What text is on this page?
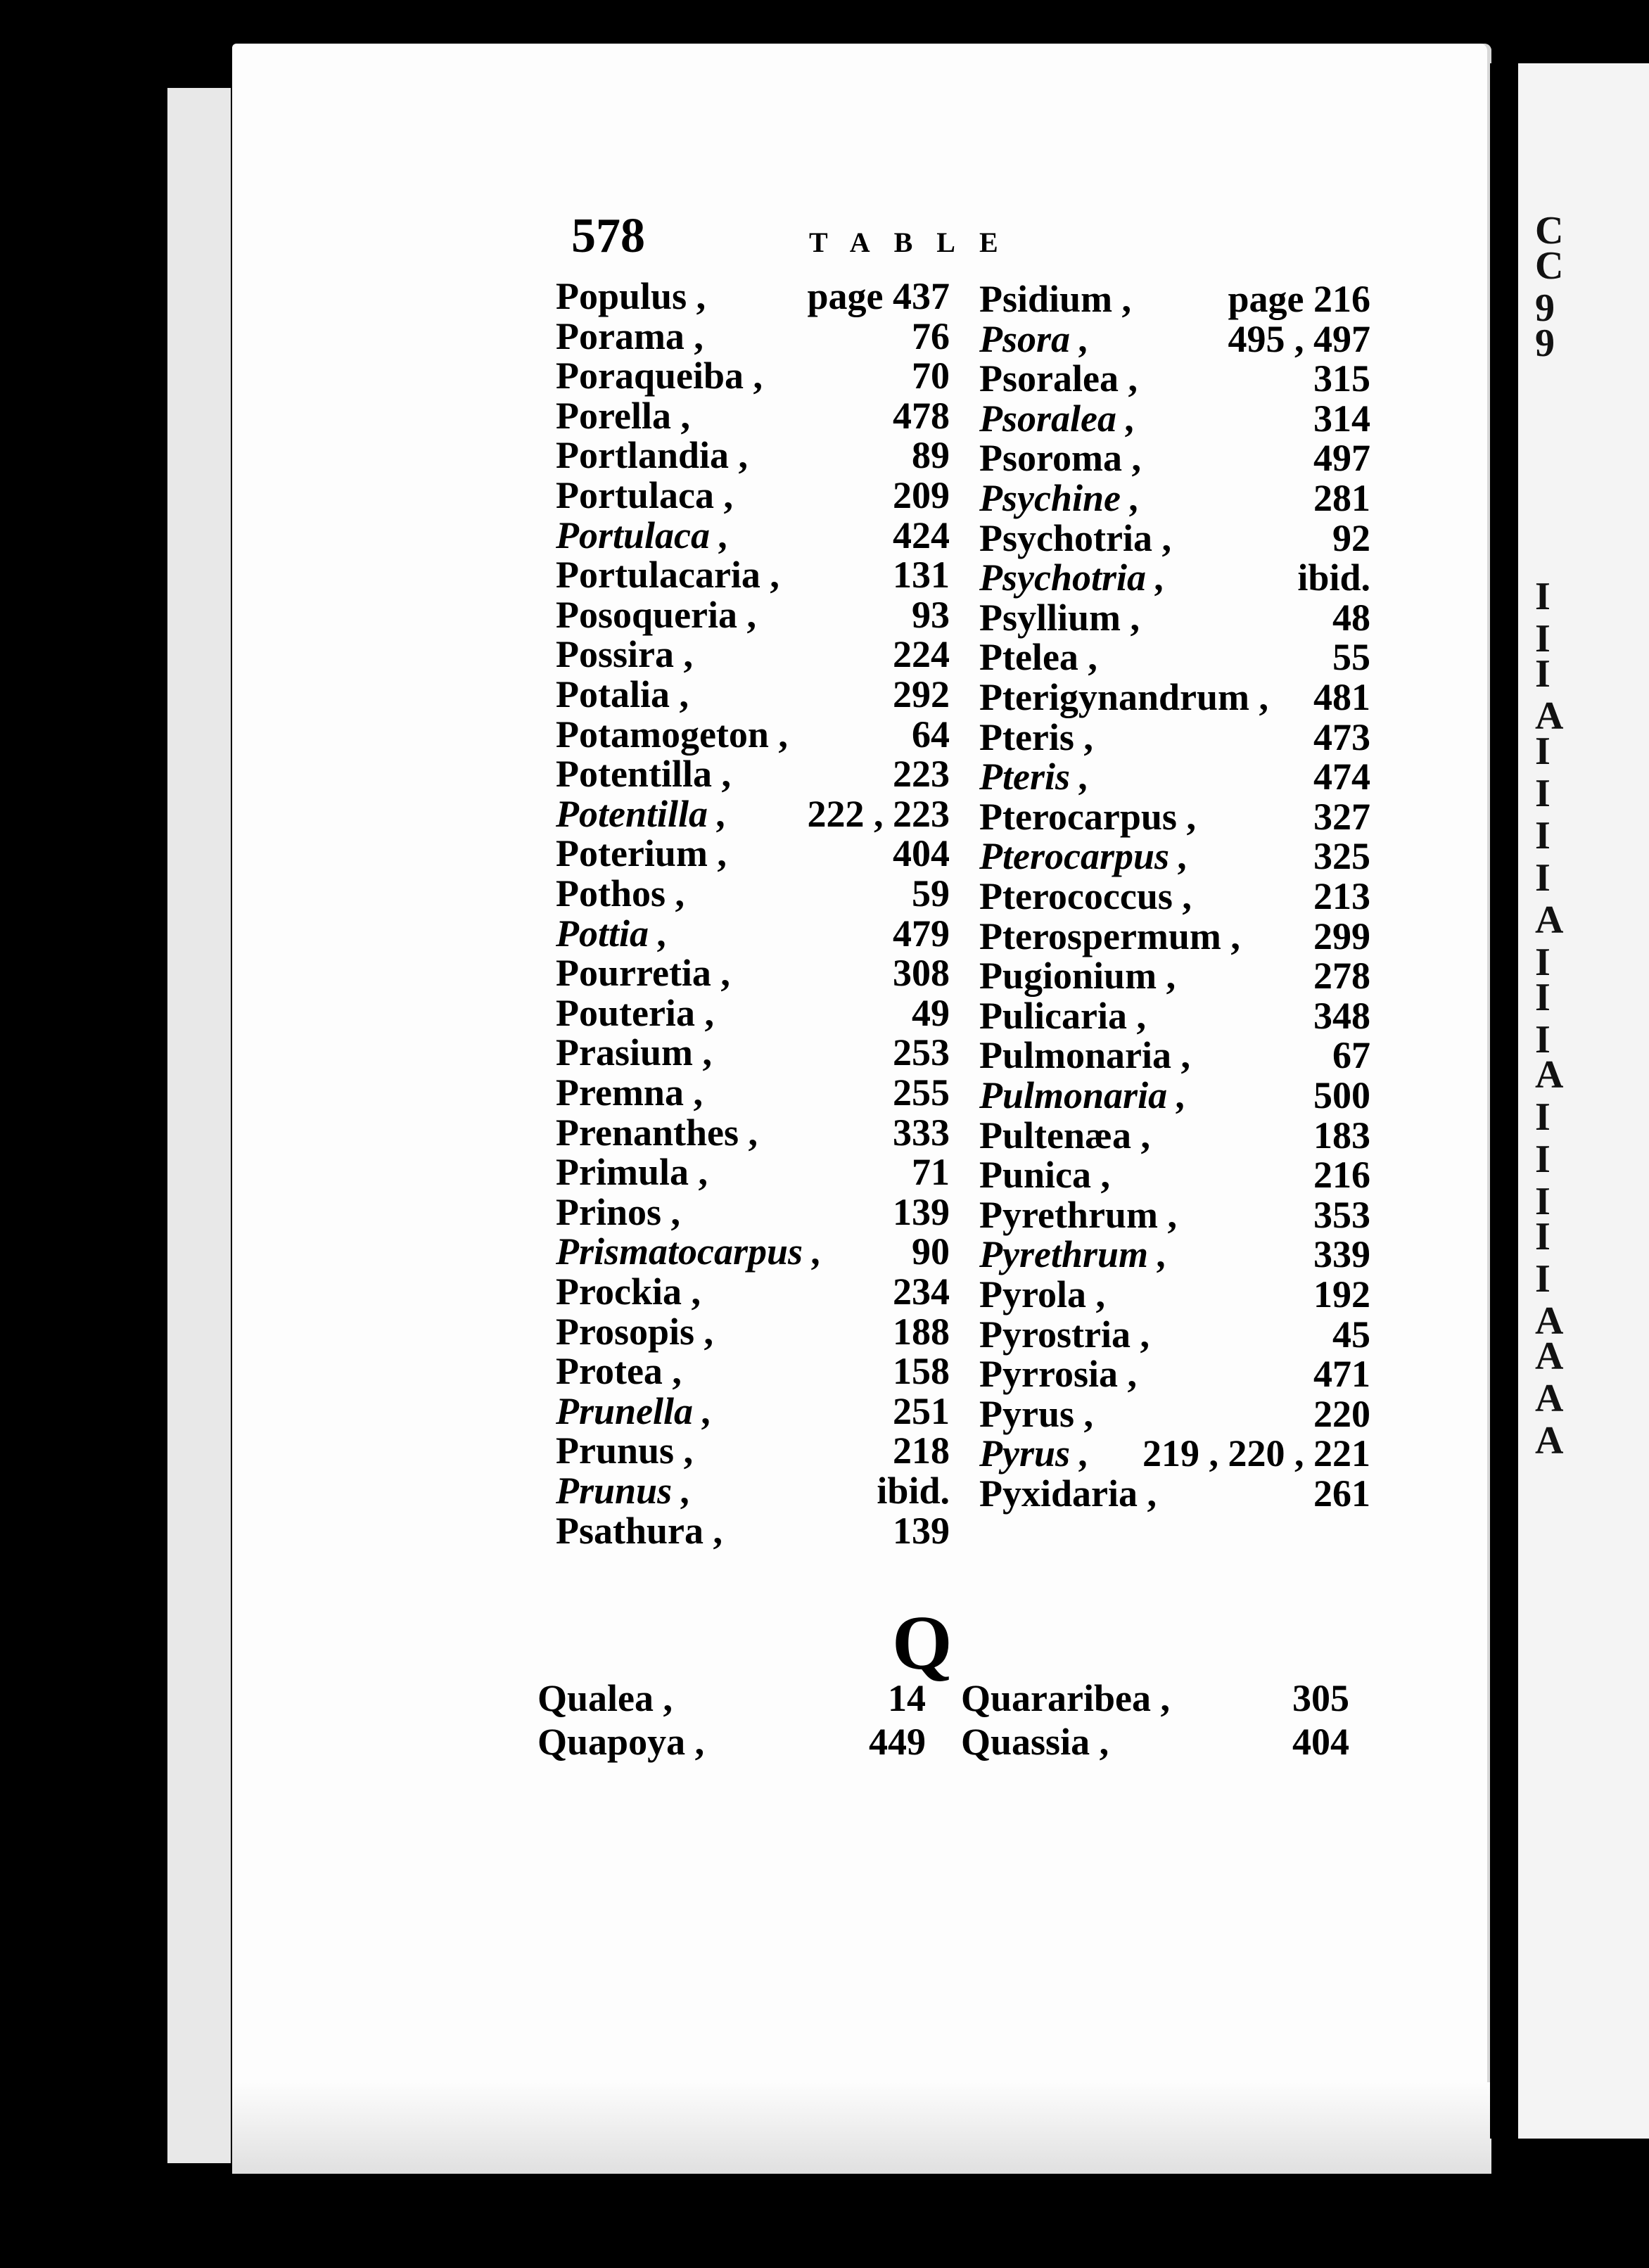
C
C
9
9
I
I
I
A
I
I
I
I
A
I
I
I
A
I
I
I
I
I
A
A
A
A
578	TABLE
Populus ,	page 437
Porama ,	76
Poraqueiba ,	70
Porella ,	478
Portlandia ,	89
Portulaca ,	209
Portulaca ,	424
Portulacaria ,	131
Posoqueria ,	93
Possira ,	224
Potalia ,	292
Potamogeton ,	64
Potentilla ,	223
Potentilla , 222 , 223
Poterium ,	404
Pothos ,	59
Pottia ,	479
Pourretia ,	308
Pouteria ,	49
Prasium ,	253
Premna ,	255
Prenanthes ,	333
Primula ,	71
Prinos ,	139
Prismatocarpus , 90
Prockia ,	234
Prosopis ,	188
Protea ,	158
Prunella ,	251
Prunus ,	218
Prunus ,	ibid.
Psathura ,	139
Psidium ,	page 216
Psora ,	495 , 497
Psoralea ,	315
Psoralea ,	314
Psoroma ,	497
Psychine ,	281
Psychotria ,	92
Psychotria ,	ibid.
Psyllium ,	48
Ptelea ,	55
Pterigynandrum , 481
Pteris ,	473
Pteris ,	474
Pterocarpus ,	327
Pterocarpus ,	325
Pterococcus ,	213
Pterospermum , 299
Pugionium ,	278
Pulicaria ,	348
Pulmonaria ,	67
Pulmonaria ,	500
Pultenæa ,	183
Punica ,	216
Pyrethrum ,	353
Pyrethrum ,	339
Pyrola ,	192
Pyrostria ,	45
Pyrrosia ,	471
Pyrus ,	220
Pyrus , 219 , 220 , 221
Pyxidaria ,	261
Q
Qualea ,	14
Quapoya ,	449
Quararibea ,	305
Quassia ,	404
